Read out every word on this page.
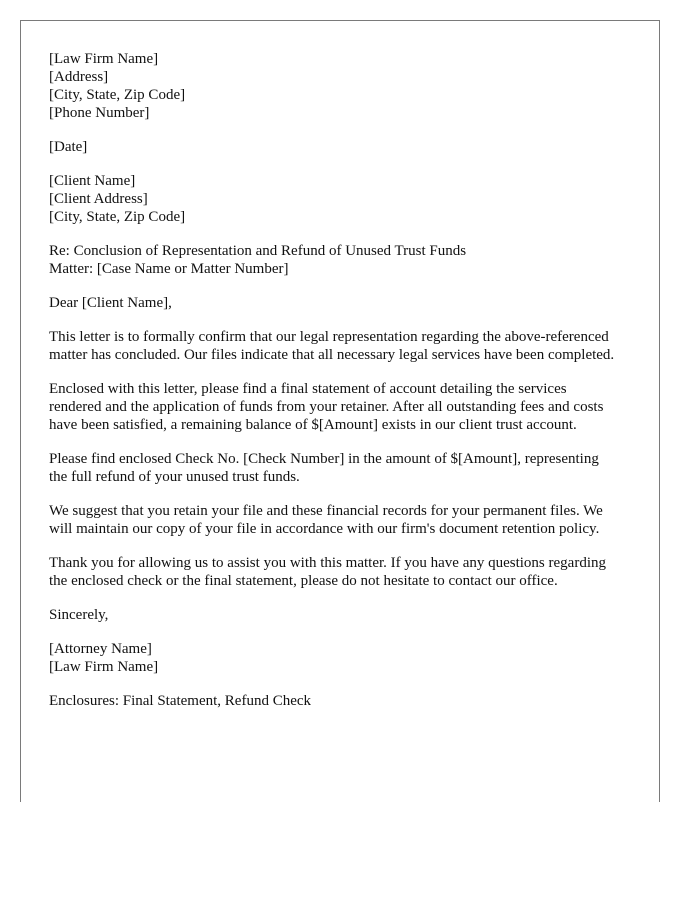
[Law Firm Name]
[Address]
[City, State, Zip Code]
[Phone Number]
[Date]
[Client Name]
[Client Address]
[City, State, Zip Code]
Re: Conclusion of Representation and Refund of Unused Trust Funds
Matter: [Case Name or Matter Number]
Dear [Client Name],

This letter is to formally confirm that our legal representation regarding the above-referenced matter has concluded. Our files indicate that all necessary legal services have been completed.

Enclosed with this letter, please find a final statement of account detailing the services rendered and the application of funds from your retainer. After all outstanding fees and costs have been satisfied, a remaining balance of $[Amount] exists in our client trust account.

Please find enclosed Check No. [Check Number] in the amount of $[Amount], representing the full refund of your unused trust funds.

We suggest that you retain your file and these financial records for your permanent files. We will maintain our copy of your file in accordance with our firm's document retention policy.

Thank you for allowing us to assist you with this matter. If you have any questions regarding the enclosed check or the final statement, please do not hesitate to contact our office.

Sincerely,
[Attorney Name]
[Law Firm Name]
Enclosures: Final Statement, Refund Check
